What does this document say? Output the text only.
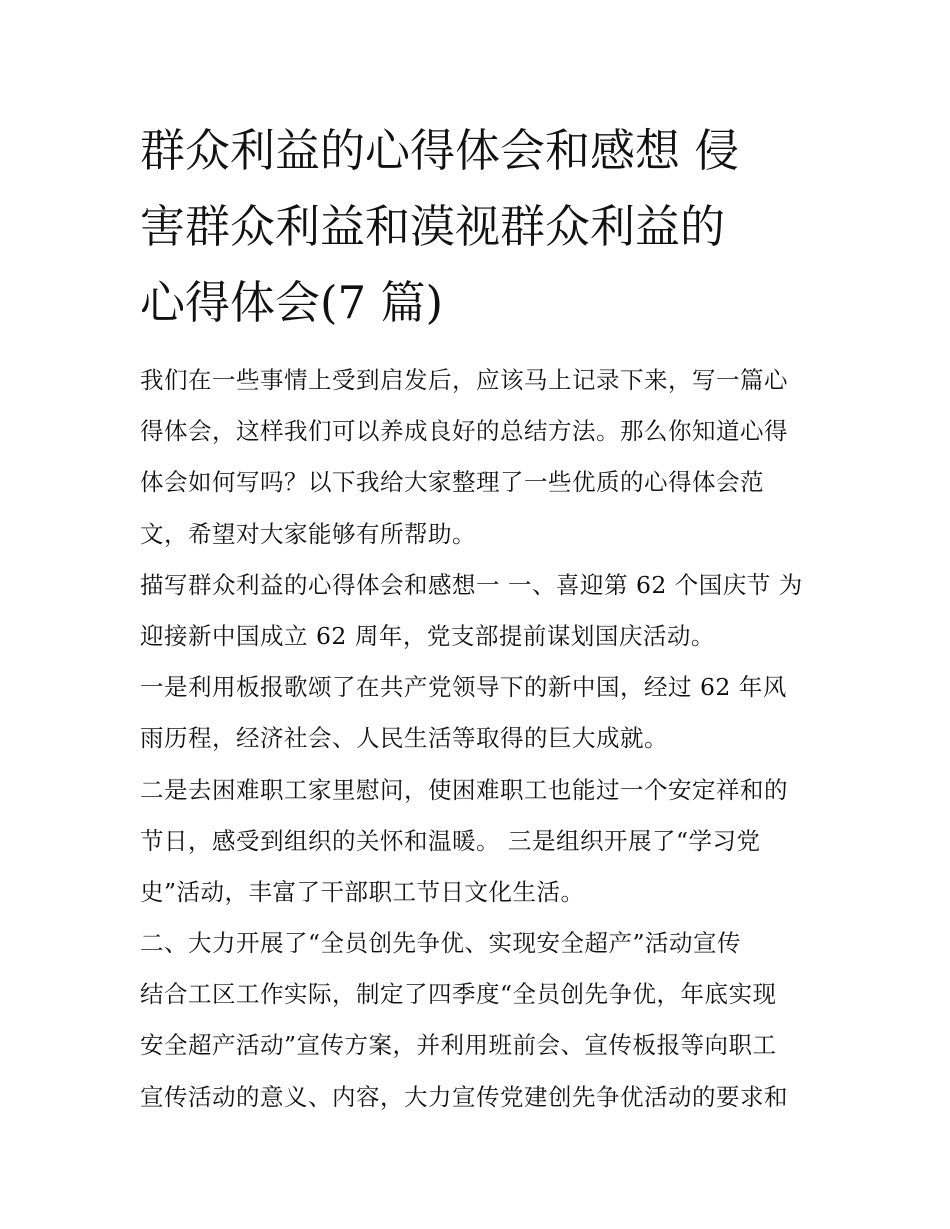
群众利益的心得体会和感想 侵
害群众利益和漠视群众利益的
心得体会(7 篇)
我们在一些事情上受到启发后，应该马上记录下来，写一篇心
得体会，这样我们可以养成良好的总结方法。那么你知道心得
体会如何写吗？以下我给大家整理了一些优质的心得体会范
文，希望对大家能够有所帮助。
描写群众利益的心得体会和感想一 一、喜迎第 62 个国庆节 为
迎接新中国成立 62 周年，党支部提前谋划国庆活动。
一是利用板报歌颂了在共产党领导下的新中国，经过 62 年风
雨历程，经济社会、人民生活等取得的巨大成就。
二是去困难职工家里慰问，使困难职工也能过一个安定祥和的
节日，感受到组织的关怀和温暖。 三是组织开展了“学习党
史”活动，丰富了干部职工节日文化生活。
二、大力开展了“全员创先争优、实现安全超产”活动宣传
结合工区工作实际，制定了四季度“全员创先争优，年底实现
安全超产活动”宣传方案，并利用班前会、宣传板报等向职工
宣传活动的意义、内容，大力宣传党建创先争优活动的要求和
